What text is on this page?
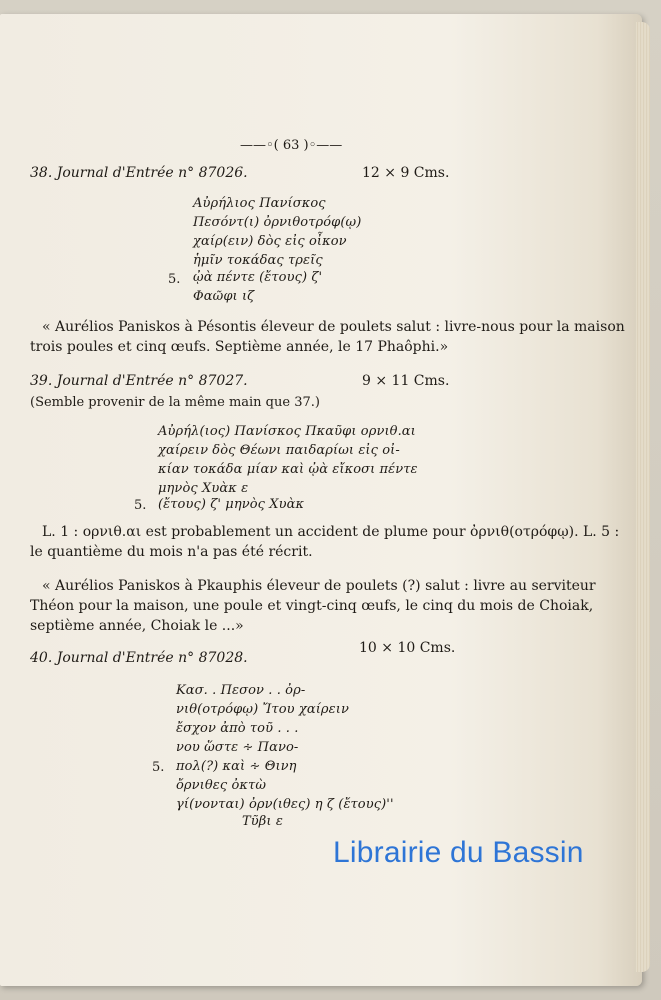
——◦( 63 )◦——
38. Journal d'Entrée n° 87026.	12 × 9 Cms.
Αὐρήλιος Πανίσκος
Πεσόντ(ι) ὀρνιθοτρόφ(ῳ)
χαίρ(ειν) δὸς εἰς οἶκον
ἡμῖν τοκάδας τρεῖς
5. ᾠὰ πέντε (ἔτους) ζ'
Φαῶφι ιζ
« Aurélios Paniskos à Pésontis éleveur de poulets salut : livre-nous pour la maison
trois poules et cinq œufs. Septième année, le 17 Phaôphi.»
39. Journal d'Entrée n° 87027.	9 × 11 Cms.
(Semble provenir de la même main que 37.)
Αὐρήλ(ιος) Πανίσκος Πκαῦφι ορνιθ.αι
χαίρειν δὸς Θέωνι παιδαρίωι εἰς οἰ-
κίαν τοκάδα μίαν καὶ ᾠὰ εἴκοσι πέντε
μηνὸς Χυὰκ ε
5. (ἔτους) ζ' μηνὸς Χυὰκ
L. 1 : ορνιθ.αι est probablement un accident de plume pour ὀρνιθ(οτρόφῳ). L. 5 :
le quantième du mois n'a pas été récrit.
« Aurélios Paniskos à Pkauphis éleveur de poulets (?) salut : livre au serviteur
Théon pour la maison, une poule et vingt-cinq œufs, le cinq du mois de Choiak,
septième année, Choiak le ...»
40. Journal d'Entrée n° 87028.
10 × 10 Cms.
Κασ. . Πεσον . . ὀρ-
νιθ(οτρόφῳ) Ἴτου χαίρειν
ἔσχον ἀπὸ τοῦ . . .
νου ὥστε ∻ Πανο-
5. πολ(?) καὶ ∻ Θινη
ὄρνιθες ὀκτὼ
γί(νονται) ὀρν(ιθες) η ζ (ἔτους)''
Τῦβι ε
Librairie du Bassin
